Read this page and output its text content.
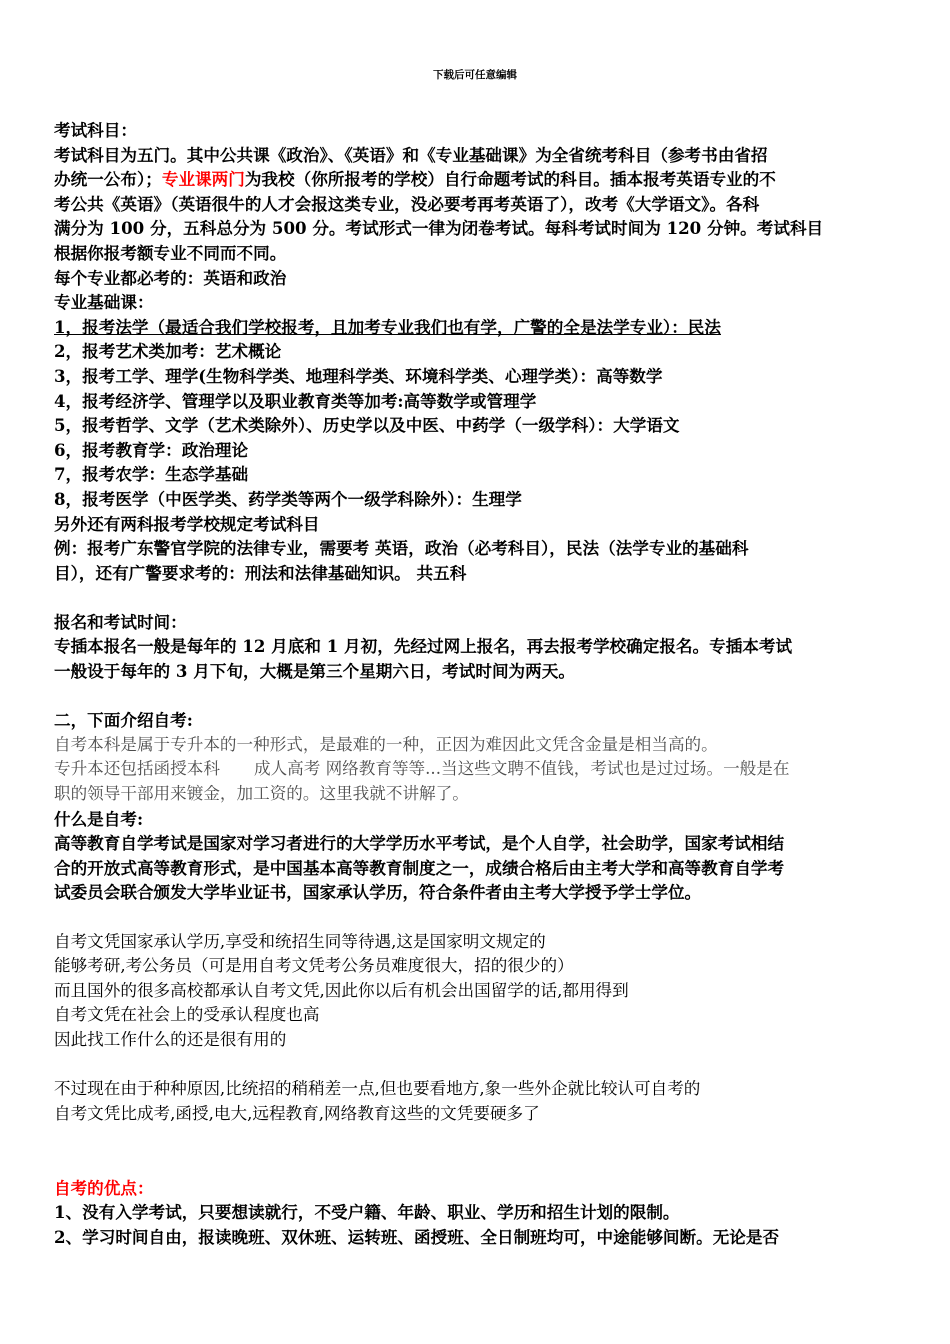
下载后可任意编辑
考试科目：
考试科目为五门。其中公共课《政治》、《英语》和《专业基础课》为全省统考科目（参考书由省招
办统一公布）；专业课两门为我校（你所报考的学校）自行命题考试的科目。插本报考英语专业的不
考公共《英语》（英语很牛的人才会报这类专业，没必要考再考英语了），改考《大学语文》。各科
满分为 100 分，五科总分为 500 分。考试形式一律为闭卷考试。每科考试时间为 120 分钟。考试科目
根据你报考额专业不同而不同。
每个专业都必考的：英语和政治
专业基础课：
1，报考法学（最适合我们学校报考，且加考专业我们也有学，广警的全是法学专业）：民法
2，报考艺术类加考：艺术概论
3，报考工学、理学(生物科学类、地理科学类、环境科学类、心理学类）：高等数学
4，报考经济学、管理学以及职业教育类等加考:高等数学或管理学
5，报考哲学、文学（艺术类除外）、历史学以及中医、中药学（一级学科）：大学语文
6，报考教育学：政治理论
7，报考农学：生态学基础
8，报考医学（中医学类、药学类等两个一级学科除外）：生理学
另外还有两科报考学校规定考试科目
例：报考广东警官学院的法律专业，需要考 英语，政治（必考科目），民法（法学专业的基础科
目），还有广警要求考的：刑法和法律基础知识。 共五科
报名和考试时间：
专插本报名一般是每年的 12 月底和 1 月初，先经过网上报名，再去报考学校确定报名。专插本考试
一般设于每年的 3 月下旬，大概是第三个星期六日，考试时间为两天。
二，下面介绍自考:
自考本科是属于专升本的一种形式，是最难的一种，正因为难因此文凭含金量是相当高的。
专升本还包括函授本科 成人高考 网络教育等等...当这些文聘不值钱，考试也是过过场。一般是在
职的领导干部用来镀金，加工资的。这里我就不讲解了。
什么是自考:
高等教育自学考试是国家对学习者进行的大学学历水平考试，是个人自学，社会助学，国家考试相结
合的开放式高等教育形式，是中国基本高等教育制度之一，成绩合格后由主考大学和高等教育自学考
试委员会联合颁发大学毕业证书，国家承认学历，符合条件者由主考大学授予学士学位。
自考文凭国家承认学历,享受和统招生同等待遇,这是国家明文规定的
能够考研,考公务员（可是用自考文凭考公务员难度很大，招的很少的）
而且国外的很多高校都承认自考文凭,因此你以后有机会出国留学的话,都用得到
自考文凭在社会上的受承认程度也高
因此找工作什么的还是很有用的
不过现在由于种种原因,比统招的稍稍差一点,但也要看地方,象一些外企就比较认可自考的
自考文凭比成考,函授,电大,远程教育,网络教育这些的文凭要硬多了
自考的优点：
1、没有入学考试，只要想读就行，不受户籍、年龄、职业、学历和招生计划的限制。
2、学习时间自由，报读晚班、双休班、运转班、函授班、全日制班均可，中途能够间断。无论是否
